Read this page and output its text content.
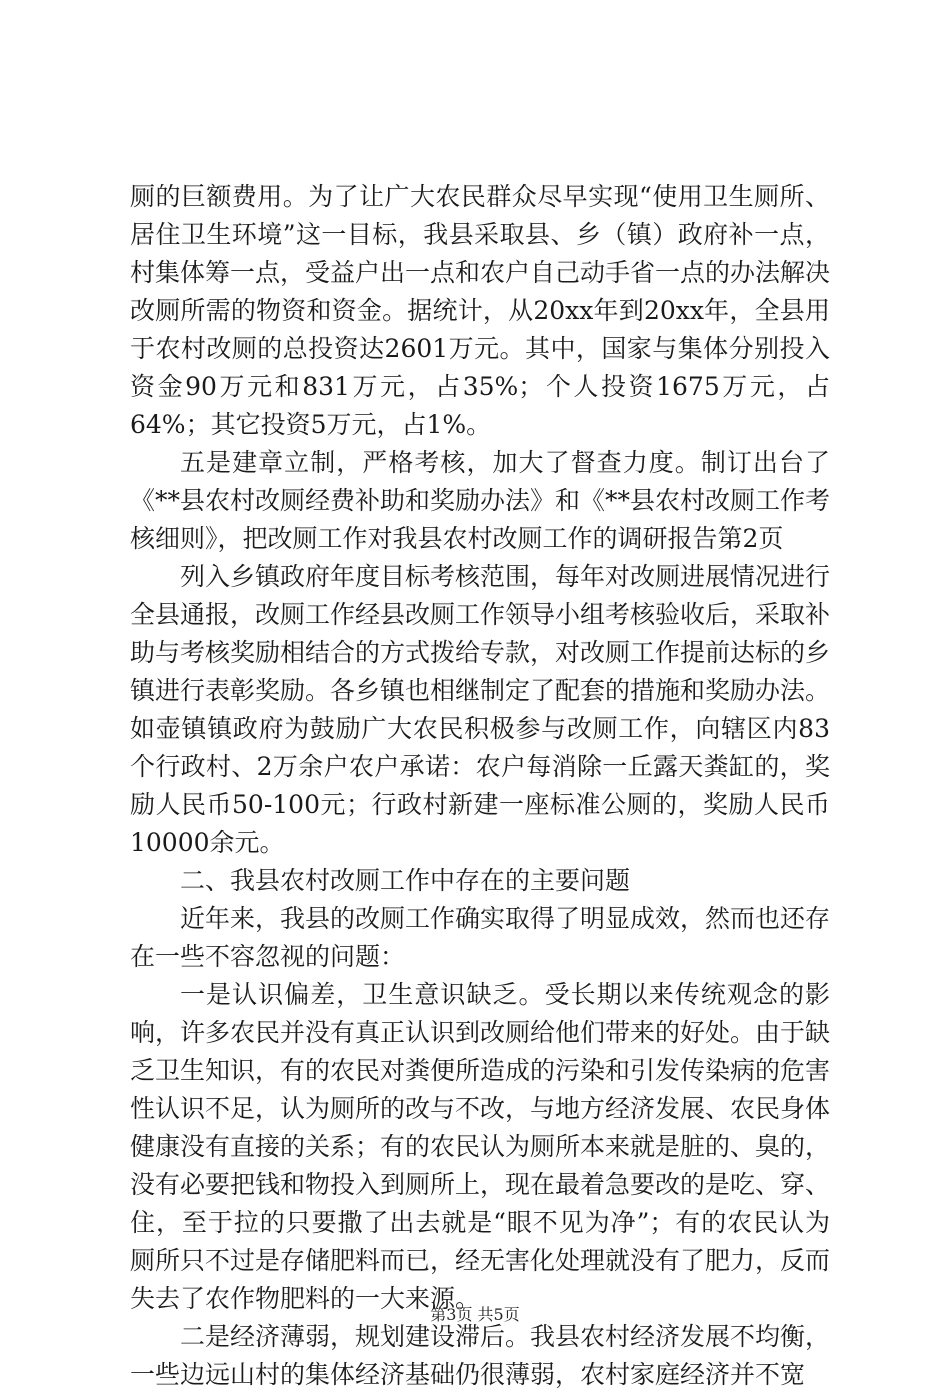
厕的巨额费用。为了让广大农民群众尽早实现“使用卫生厕所、居住卫生环境”这一目标，我县采取县、乡（镇）政府补一点，村集体筹一点，受益户出一点和农户自己动手省一点的办法解决改厕所需的物资和资金。据统计，从20xx年到20xx年，全县用于农村改厕的总投资达2601万元。其中，国家与集体分别投入资金90万元和831万元，占35%；个人投资1675万元，占64%；其它投资5万元，占1%。

五是建章立制，严格考核，加大了督查力度。制订出台了《**县农村改厕经费补助和奖励办法》和《**县农村改厕工作考核细则》，把改厕工作对我县农村改厕工作的调研报告第2页

列入乡镇政府年度目标考核范围，每年对改厕进展情况进行全县通报，改厕工作经县改厕工作领导小组考核验收后，采取补助与考核奖励相结合的方式拨给专款，对改厕工作提前达标的乡镇进行表彰奖励。各乡镇也相继制定了配套的措施和奖励办法。如壶镇镇政府为鼓励广大农民积极参与改厕工作，向辖区内83个行政村、2万余户农户承诺：农户每消除一丘露天粪缸的，奖励人民币50-100元；行政村新建一座标准公厕的，奖励人民币10000余元。

二、我县农村改厕工作中存在的主要问题

近年来，我县的改厕工作确实取得了明显成效，然而也还存在一些不容忽视的问题：

一是认识偏差，卫生意识缺乏。受长期以来传统观念的影响，许多农民并没有真正认识到改厕给他们带来的好处。由于缺乏卫生知识，有的农民对粪便所造成的污染和引发传染病的危害性认识不足，认为厕所的改与不改，与地方经济发展、农民身体健康没有直接的关系；有的农民认为厕所本来就是脏的、臭的，没有必要把钱和物投入到厕所上，现在最着急要改的是吃、穿、住，至于拉的只要撒了出去就是“眼不见为净”；有的农民认为厕所只不过是存储肥料而已，经无害化处理就没有了肥力，反而失去了农作物肥料的一大来源。

二是经济薄弱，规划建设滞后。我县农村经济发展不均衡，一些边远山村的集体经济基础仍很薄弱，农村家庭经济并不宽

第3页 共5页
